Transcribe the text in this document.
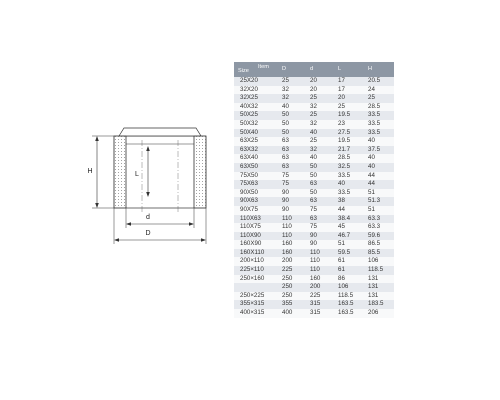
H	L
d
D
Size
Item	D	d	L	H
25X20	25	20	17	20.5
32X20	32	20	17	24
32X25	32	25	20	25
40X32	40	32	25	28.5
50X25	50	25	19.5	33.5
50X32	50	32	23	33.5
50X40	50	40	27.5	33.5
63X25	63	25	19.5	40
63X32	63	32	21.7	37.5
63X40	63	40	28.5	40
63X50	63	50	32.5	40
75X50	75	50	33.5	44
75X63	75	63	40	44
90X50	90	50	33.5	51
90X63	90	63	38	51.3
90X75	90	75	44	51
110X63	110	63	38.4	63.3
110X75	110	75	45	63.3
110X90	110	90	46.7	59.6
160X90	160	90	51	86.5
160X110	160	110	59.5	85.5
200×110	200	110	61	106
225×110	225	110	61	118.5
250×160	250	160	86	131
	250	200	106	131
250×225	250	225	118.5	131
355×315	355	315	163.5	183.5
400×315	400	315	163.5	206
